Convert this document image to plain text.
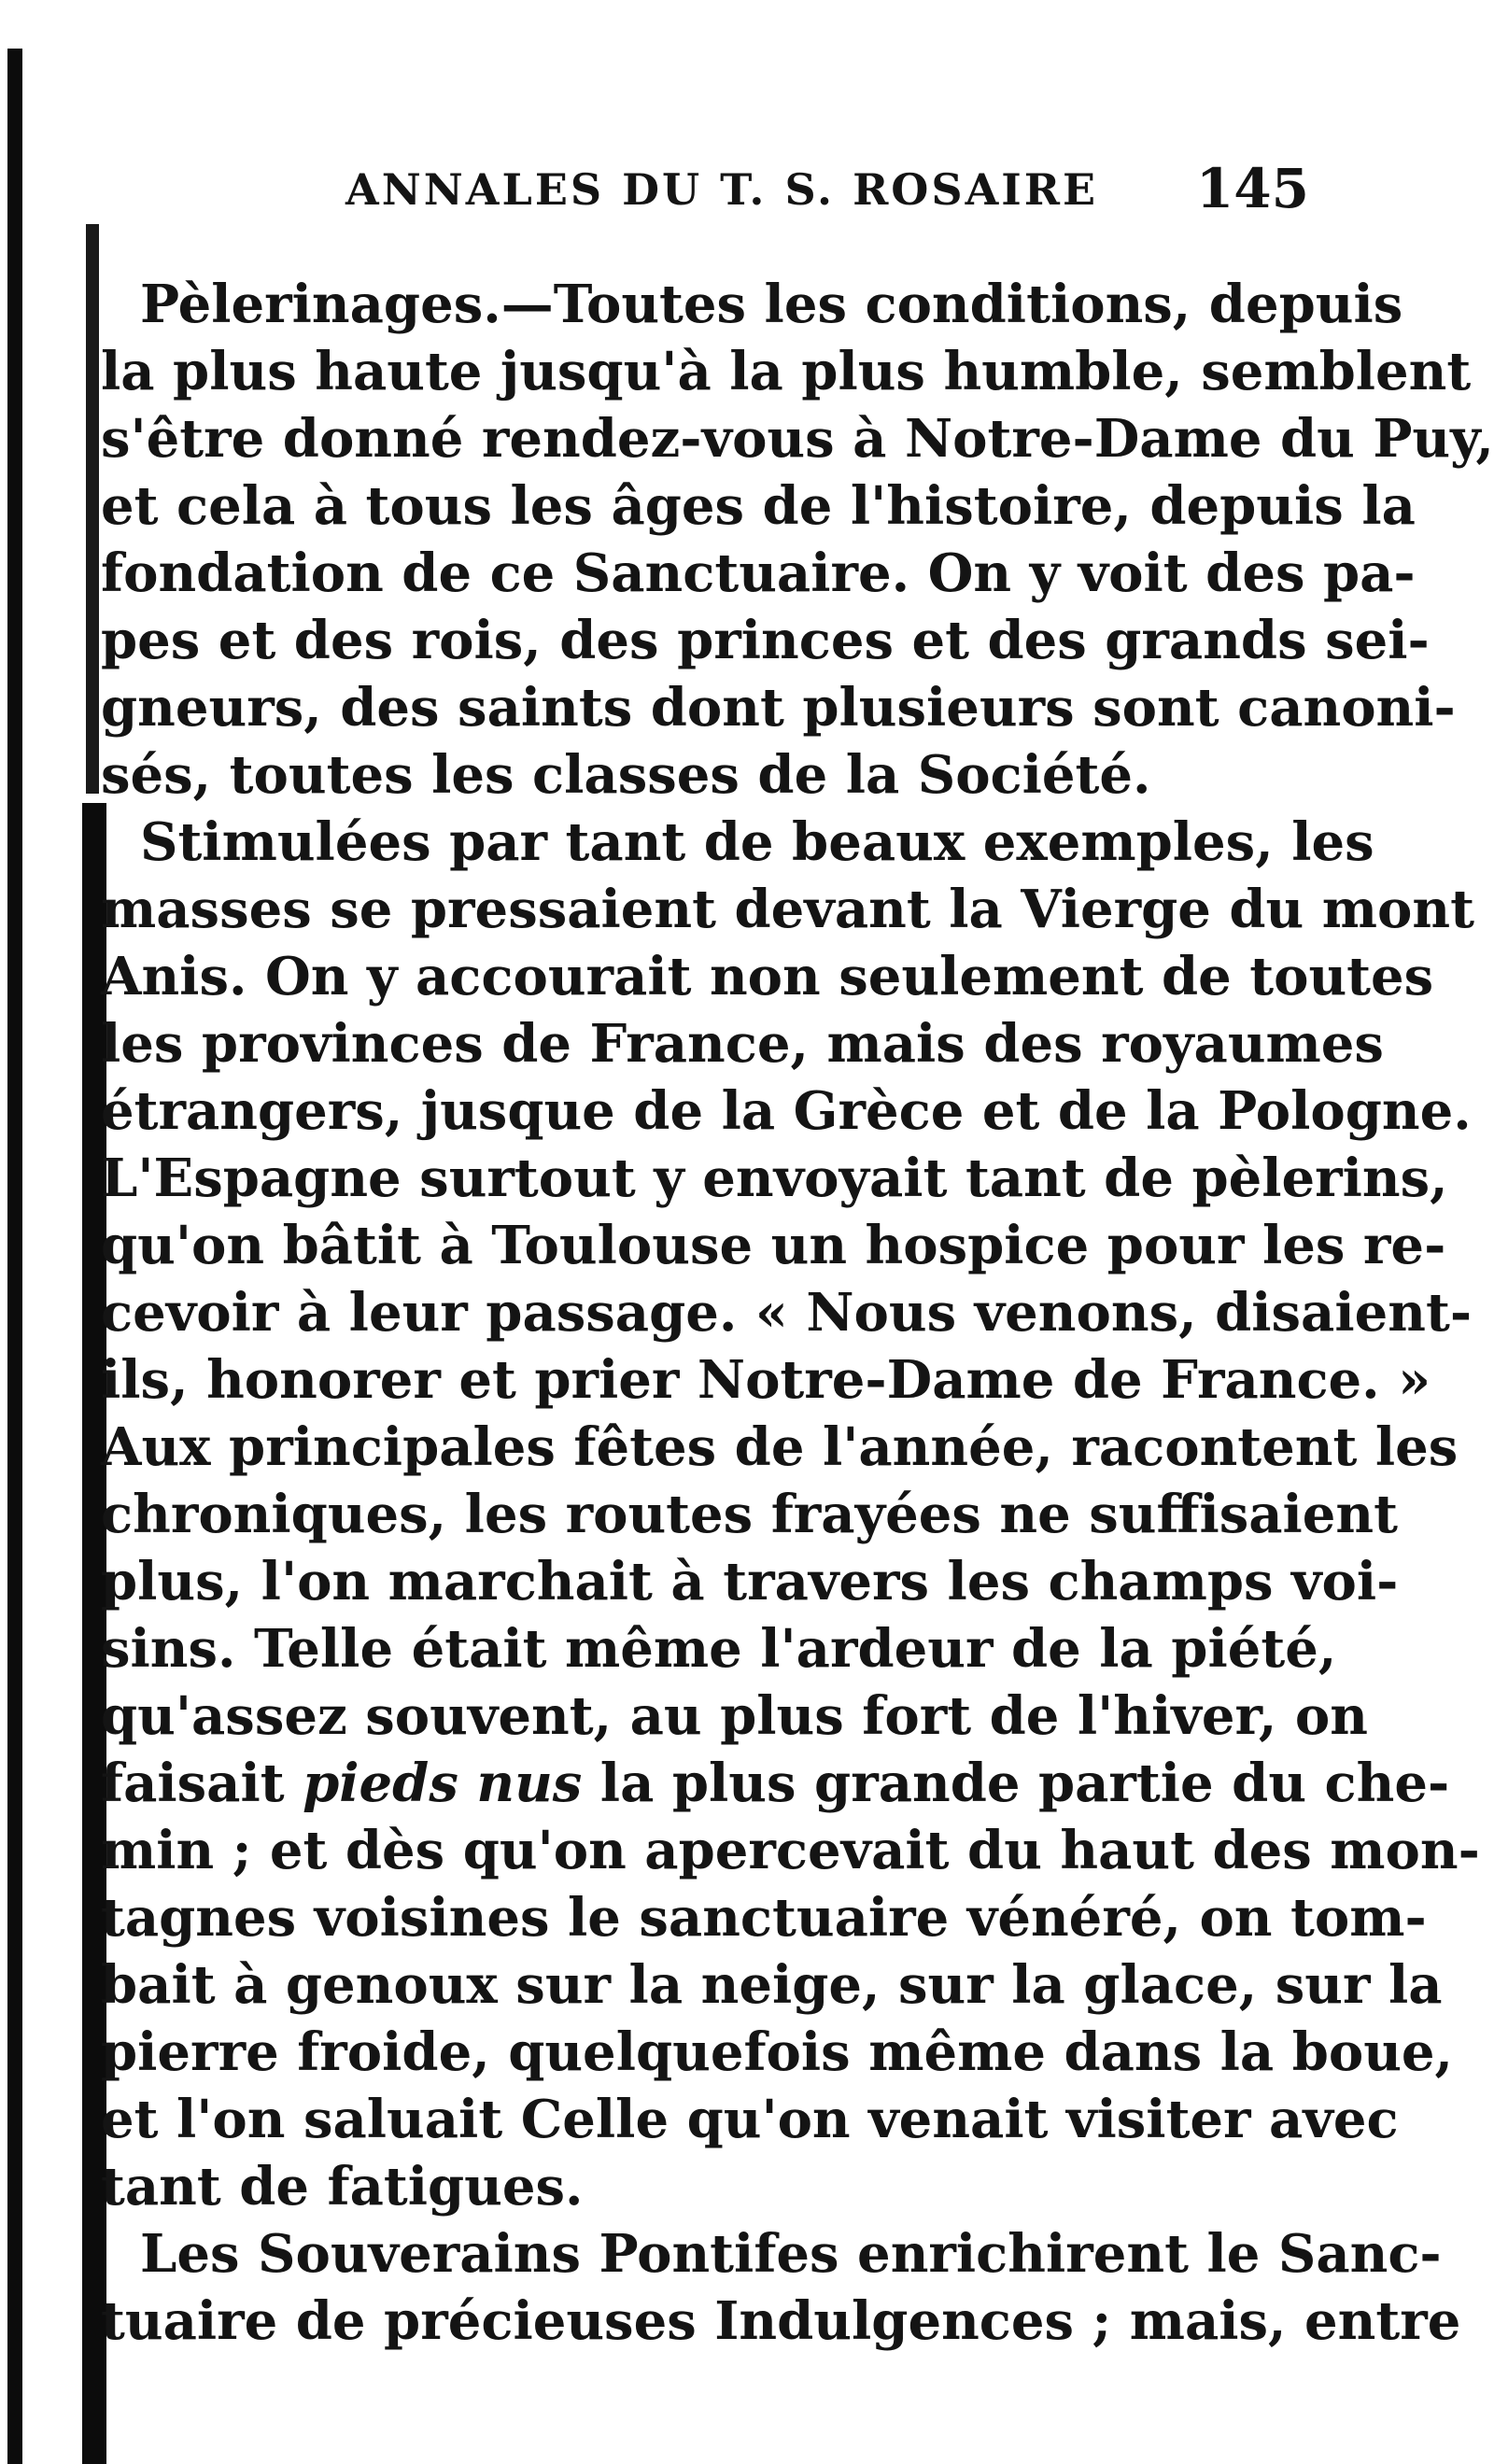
ANNALES DU T. S. ROSAIRE 145
Pèlerinages.—Toutes les conditions, depuis
la plus haute jusqu'à la plus humble, semblent
s'être donné rendez-vous à Notre-Dame du Puy,
et cela à tous les âges de l'histoire, depuis la
fondation de ce Sanctuaire. On y voit des pa-
pes et des rois, des princes et des grands sei-
gneurs, des saints dont plusieurs sont canoni-
sés, toutes les classes de la Société.
Stimulées par tant de beaux exemples, les
masses se pressaient devant la Vierge du mont
Anis. On y accourait non seulement de toutes
les provinces de France, mais des royaumes
étrangers, jusque de la Grèce et de la Pologne.
L'Espagne surtout y envoyait tant de pèlerins,
qu'on bâtit à Toulouse un hospice pour les re-
cevoir à leur passage. « Nous venons, disaient-
ils, honorer et prier Notre-Dame de France. »
Aux principales fêtes de l'année, racontent les
chroniques, les routes frayées ne suffisaient
plus, l'on marchait à travers les champs voi-
sins. Telle était même l'ardeur de la piété,
qu'assez souvent, au plus fort de l'hiver, on
faisait pieds nus la plus grande partie du che-
min ; et dès qu'on apercevait du haut des mon-
tagnes voisines le sanctuaire vénéré, on tom-
bait à genoux sur la neige, sur la glace, sur la
pierre froide, quelquefois même dans la boue,
et l'on saluait Celle qu'on venait visiter avec
tant de fatigues.
Les Souverains Pontifes enrichirent le Sanc-
tuaire de précieuses Indulgences ; mais, entre
